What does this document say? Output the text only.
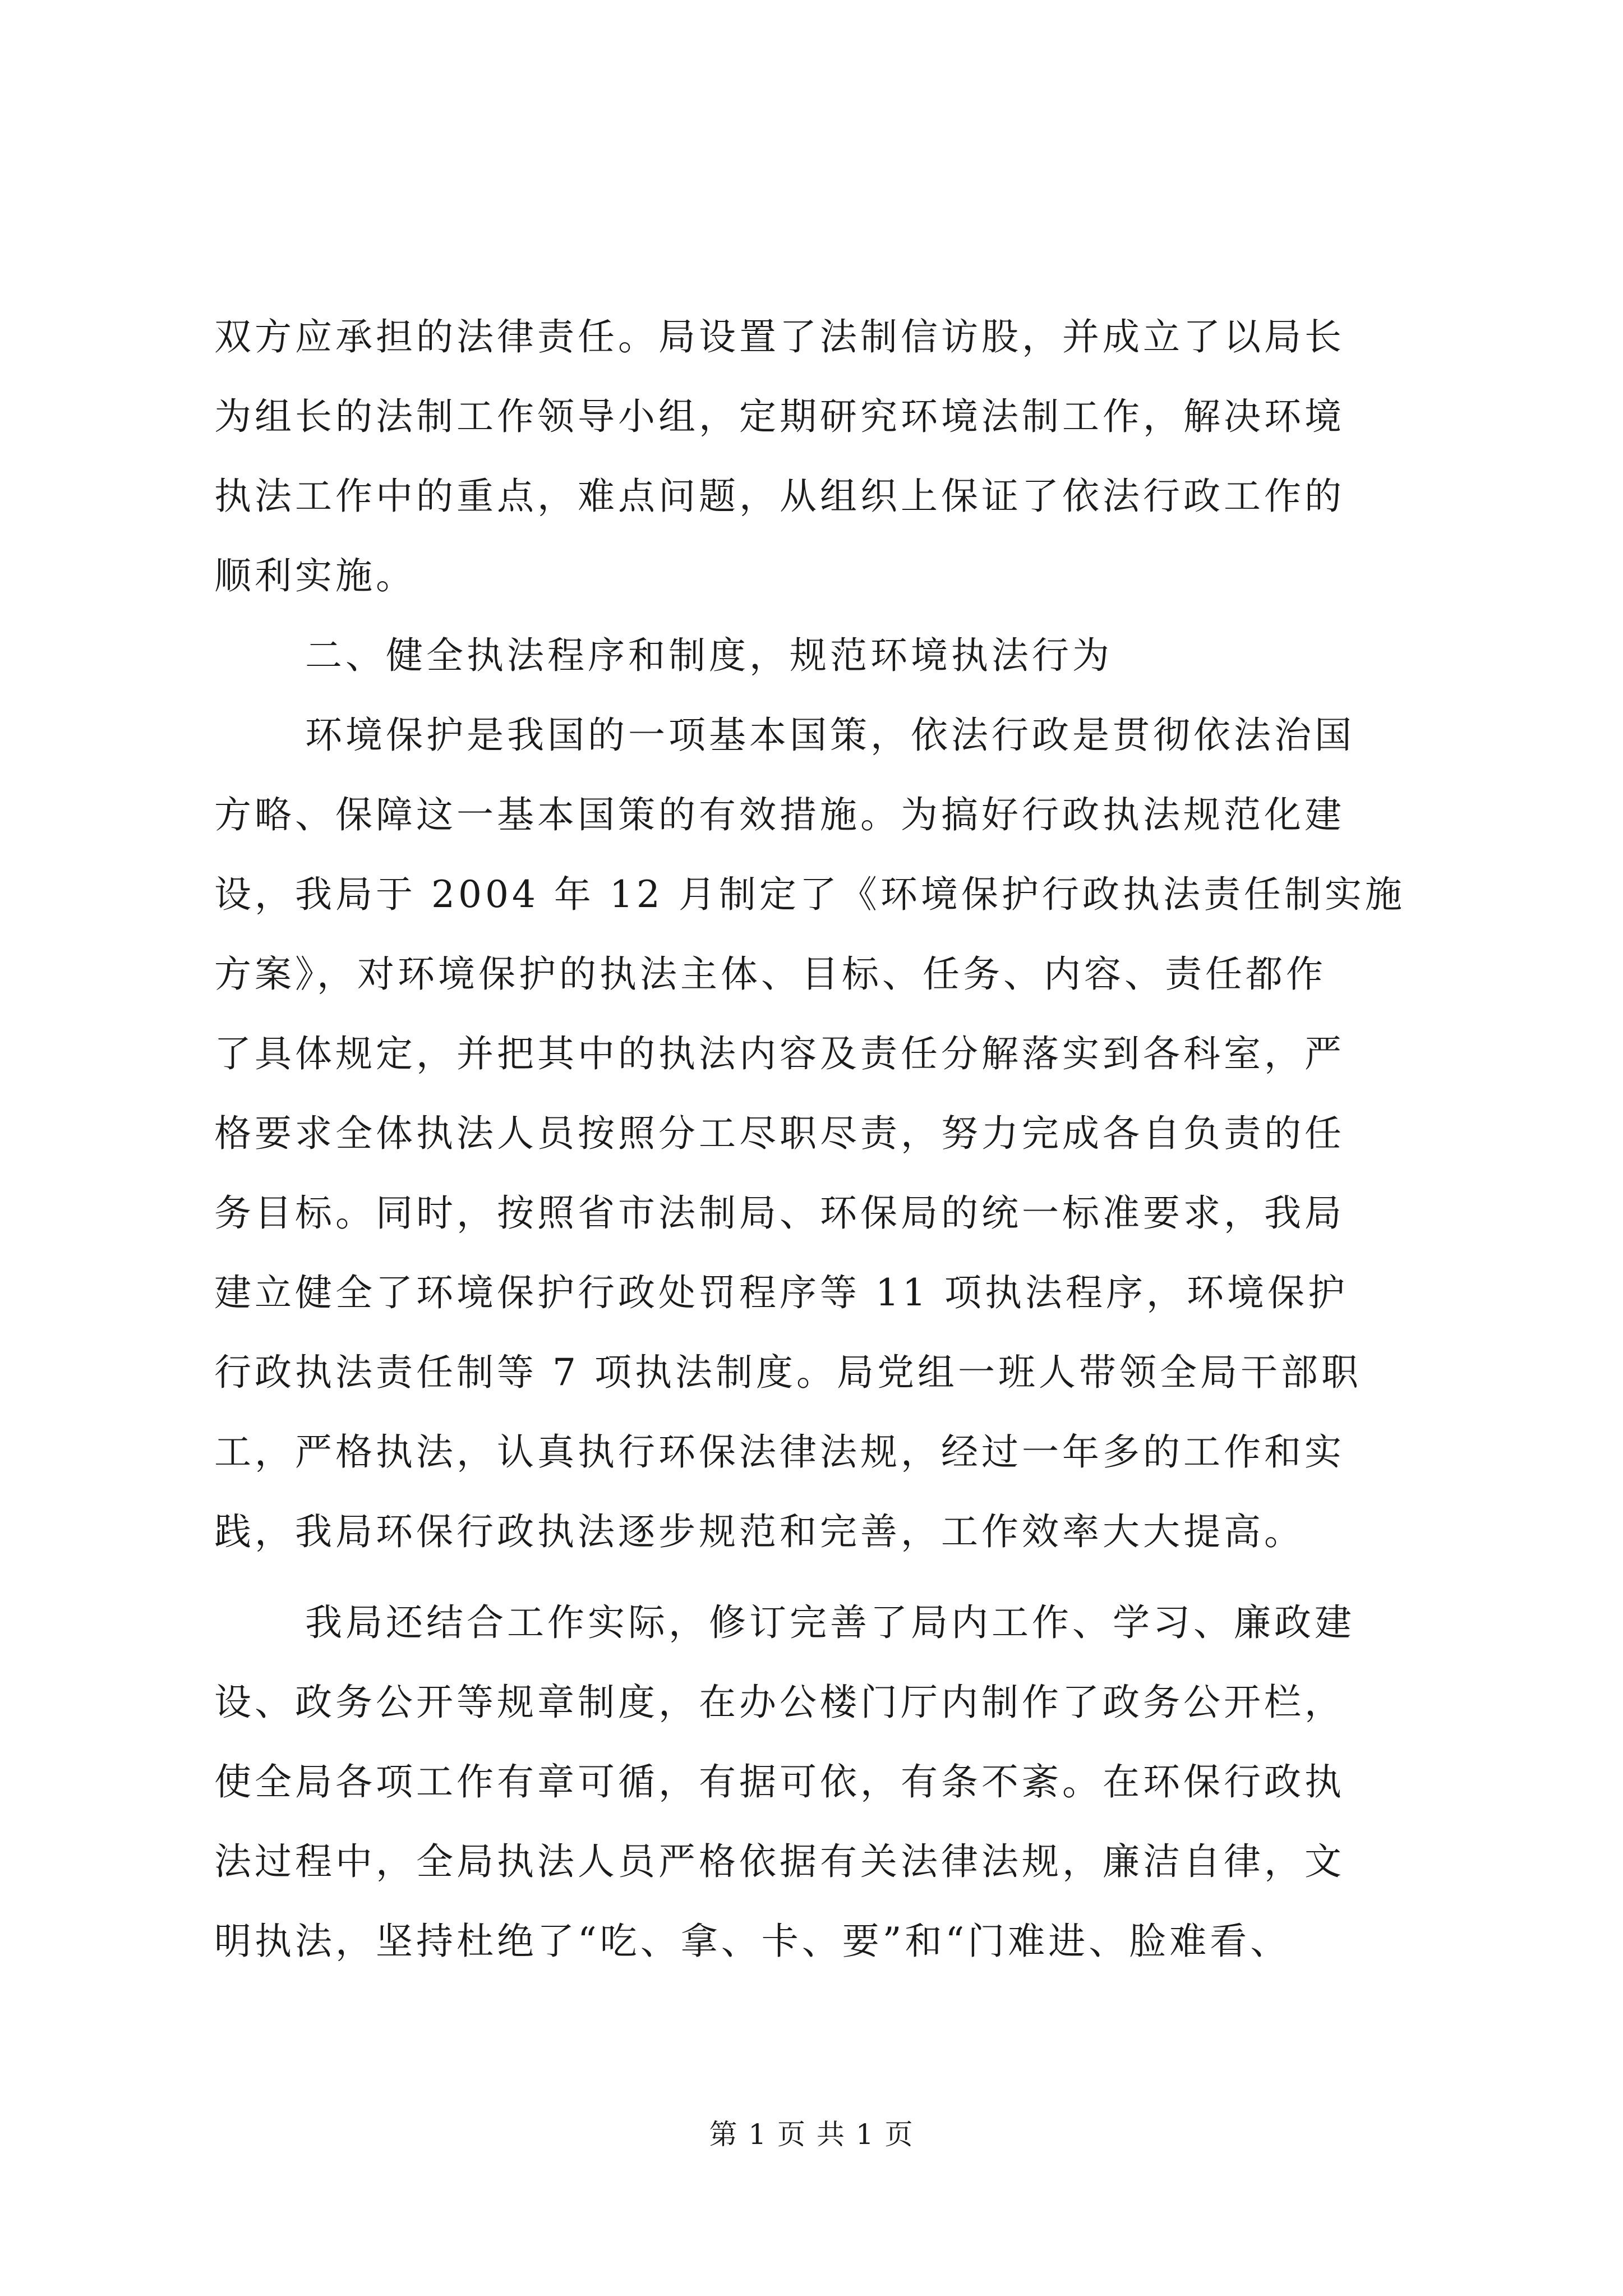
双方应承担的法律责任。局设置了法制信访股，并成立了以局长
为组长的法制工作领导小组，定期研究环境法制工作，解决环境
执法工作中的重点，难点问题，从组织上保证了依法行政工作的
顺利实施。
二、健全执法程序和制度，规范环境执法行为
环境保护是我国的一项基本国策，依法行政是贯彻依法治国
方略、保障这一基本国策的有效措施。为搞好行政执法规范化建
设，我局于 2004 年 12 月制定了《环境保护行政执法责任制实施
方案》，对环境保护的执法主体、目标、任务、内容、责任都作
了具体规定，并把其中的执法内容及责任分解落实到各科室，严
格要求全体执法人员按照分工尽职尽责，努力完成各自负责的任
务目标。同时，按照省市法制局、环保局的统一标准要求，我局
建立健全了环境保护行政处罚程序等 11 项执法程序，环境保护
行政执法责任制等 7 项执法制度。局党组一班人带领全局干部职
工，严格执法，认真执行环保法律法规，经过一年多的工作和实
践，我局环保行政执法逐步规范和完善，工作效率大大提高。
我局还结合工作实际，修订完善了局内工作、学习、廉政建
设、政务公开等规章制度，在办公楼门厅内制作了政务公开栏，
使全局各项工作有章可循，有据可依，有条不紊。在环保行政执
法过程中，全局执法人员严格依据有关法律法规，廉洁自律，文
明执法，坚持杜绝了“吃、拿、卡、要”和“门难进、脸难看、
第 1 页 共 1 页
